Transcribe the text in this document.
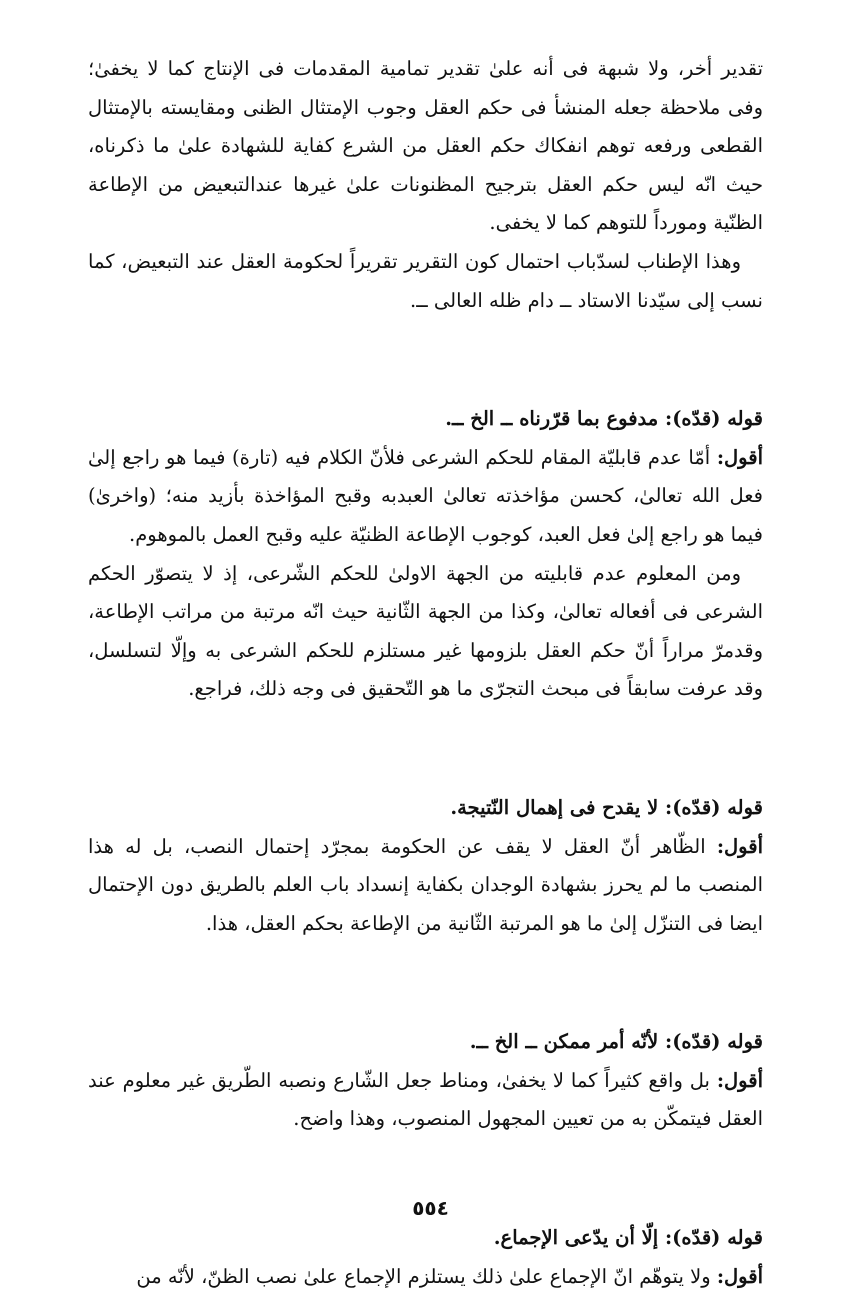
تقدير أخر، ولا شبهة فى أنه علىٰ تقدير تمامية المقدمات فى الإنتاج كما لا يخفىٰ؛ وفى ملاحظة جعله المنشأ فى حكم العقل وجوب الإمتثال الظنى ومقايسته بالإمتثال القطعى ورفعه توهم انفكاك حكم العقل من الشرع كفاية للشهادة علىٰ ما ذكرناه، حيث انّه ليس حكم العقل بترجيح المظنونات علىٰ غيرها عندالتبعيض من الإطاعة الظنّية ومورداً للتوهم كما لا يخفى.

وهذا الإطناب لسدّباب احتمال كون التقرير تقريراً لحكومة العقل عند التبعيض، كما نسب إلى سيّدنا الاستاد ــ دام ظله العالى ــ.

قوله (قدّه): مدفوع بما قرّرناه ــ الخ ــ.

أقول: أمّا عدم قابليّة المقام للحكم الشرعى فلأنّ الكلام فيه (تارة) فيما هو راجع إلىٰ فعل الله تعالىٰ، كحسن مؤاخذته تعالىٰ العبدبه وقبح المؤاخذة بأزيد منه؛ (واخرىٰ) فيما هو راجع إلىٰ فعل العبد، كوجوب الإطاعة الظنيّة عليه وقبح العمل بالموهوم.

ومن المعلوم عدم قابليته من الجهة الاولىٰ للحكم الشّرعى، إذ لا يتصوّر الحكم الشرعى فى أفعاله تعالىٰ، وكذا من الجهة الثّانية حيث انّه مرتبة من مراتب الإطاعة، وقدمرّ مراراً أنّ حكم العقل بلزومها غير مستلزم للحكم الشرعى به وإلّا لتسلسل، وقد عرفت سابقاً فى مبحث التجرّى ما هو التّحقيق فى وجه ذلك، فراجع.

قوله (قدّه): لا يقدح فى إهمال النّتيجة.

أقول: الظّاهر أنّ العقل لا يقف عن الحكومة بمجرّد إحتمال النصب، بل له هذا المنصب ما لم يحرز بشهادة الوجدان بكفاية إنسداد باب العلم بالطريق دون الإحتمال ايضا فى التنزّل إلىٰ ما هو المرتبة الثّانية من الإطاعة بحكم العقل، هذا.

قوله (قدّه): لأنّه أمر ممكن ــ الخ ــ.

أقول: بل واقع كثيراً كما لا يخفىٰ، ومناط جعل الشّارع ونصبه الطّريق غير معلوم عند العقل فيتمكّن به من تعيين المجهول المنصوب، وهذا واضح.

قوله (قدّه): إلّا أن يدّعى الإجماع.

أقول: ولا يتوهّم انّ الإجماع علىٰ ذلك يستلزم الإجماع علىٰ نصب الظنّ، لأنّه من

٥٥٤
